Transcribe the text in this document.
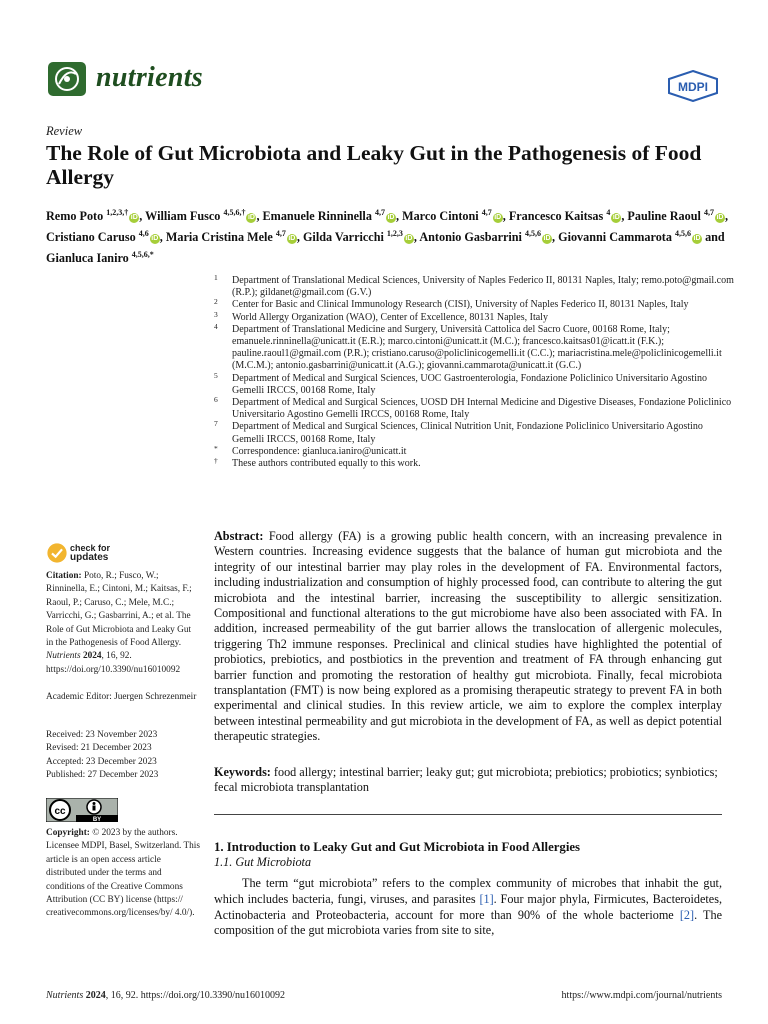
nutrients	MDPI
Review
The Role of Gut Microbiota and Leaky Gut in the Pathogenesis of Food Allergy
Remo Poto $^{1,2,3,\dagger}$iD , William Fusco $^{4,5,6,\dagger}$iD , Emanuele Rinninella $^{4,7}$iD , Marco Cintoni $^{4,7}$iD , Francesco Kaitsas $^4$iD , Pauline Raoul $^{4,7}$iD , Cristiano Caruso $^{4,6}$iD , Maria Cristina Mele $^{4,7}$iD , Gilda Varricchi $^{1,2,3}$iD , Antonio Gasbarrini $^{4,5,6}$iD , Giovanni Cammarota $^{4,5,6}$iD and Gianluca Ianiro $^{4,5,6,*}$
1 Department of Translational Medical Sciences, University of Naples Federico II, 80131 Naples, Italy; remo.poto@gmail.com (R.P.); gildanet@gmail.com (G.V.)
2 Center for Basic and Clinical Immunology Research (CISI), University of Naples Federico II, 80131 Naples, Italy
3 World Allergy Organization (WAO), Center of Excellence, 80131 Naples, Italy
4 Department of Translational Medicine and Surgery, Università Cattolica del Sacro Cuore, 00168 Rome, Italy; emanuele.rinninella@unicatt.it (E.R.); marco.cintoni@unicatt.it (M.C.); francesco.kaitsas01@icatt.it (F.K.); pauline.raoul1@gmail.com (P.R.); cristiano.caruso@policlinicogemelli.it (C.C.); mariacristina.mele@policlinicogemelli.it (M.C.M.); antonio.gasbarrini@unicatt.it (A.G.); giovanni.cammarota@unicatt.it (G.C.)
5 Department of Medical and Surgical Sciences, UOC Gastroenterologia, Fondazione Policlinico Universitario Agostino Gemelli IRCCS, 00168 Rome, Italy
6 Department of Medical and Surgical Sciences, UOSD DH Internal Medicine and Digestive Diseases, Fondazione Policlinico Universitario Agostino Gemelli IRCCS, 00168 Rome, Italy
7 Department of Medical and Surgical Sciences, Clinical Nutrition Unit, Fondazione Policlinico Universitario Agostino Gemelli IRCCS, 00168 Rome, Italy
* Correspondence: gianluca.ianiro@unicatt.it
† These authors contributed equally to this work.
check for
updates
Citation: Poto, R.; Fusco, W.; Rinninella, E.; Cintoni, M.; Kaitsas, F.; Raoul, P.; Caruso, C.; Mele, M.C.; Varricchi, G.; Gasbarrini, A.; et al. The Role of Gut Microbiota and Leaky Gut in the Pathogenesis of Food Allergy. Nutrients 2024, 16, 92. https://doi.org/10.3390/nu16010092
Academic Editor: Juergen Schrezenmeir
Received: 23 November 2023
Revised: 21 December 2023
Accepted: 23 December 2023
Published: 27 December 2023
cc
BY
Copyright: © 2023 by the authors. Licensee MDPI, Basel, Switzerland. This article is an open access article distributed under the terms and conditions of the Creative Commons Attribution (CC BY) license (https:// creativecommons.org/licenses/by/ 4.0/).
Abstract: Food allergy (FA) is a growing public health concern, with an increasing prevalence in Western countries. Increasing evidence suggests that the balance of human gut microbiota and the integrity of our intestinal barrier may play roles in the development of FA. Environmental factors, including industrialization and consumption of highly processed food, can contribute to altering the gut microbiota and the intestinal barrier, increasing the susceptibility to allergic sensitization. Compositional and functional alterations to the gut microbiome have also been associated with FA. In addition, increased permeability of the gut barrier allows the translocation of allergenic molecules, triggering Th2 immune responses. Preclinical and clinical studies have highlighted the potential of probiotics, prebiotics, and postbiotics in the prevention and treatment of FA through enhancing gut barrier function and promoting the restoration of healthy gut microbiota. Finally, fecal microbiota transplantation (FMT) is now being explored as a promising therapeutic strategy to prevent FA in both experimental and clinical studies. In this review article, we aim to explore the complex interplay between intestinal permeability and gut microbiota in the development of FA, as well as depict potential therapeutic strategies.
Keywords: food allergy; intestinal barrier; leaky gut; gut microbiota; prebiotics; probiotics; synbiotics; fecal microbiota transplantation
1. Introduction to Leaky Gut and Gut Microbiota in Food Allergies
1.1. Gut Microbiota
The term “gut microbiota” refers to the complex community of microbes that inhabit the gut, which includes bacteria, fungi, viruses, and parasites [1]. Four major phyla, Firmicutes, Bacteroidetes, Actinobacteria and Proteobacteria, account for more than 90% of the whole bacteriome [2]. The composition of the gut microbiota varies from site to site,
Nutrients 2024, 16, 92. https://doi.org/10.3390/nu16010092	https://www.mdpi.com/journal/nutrients
